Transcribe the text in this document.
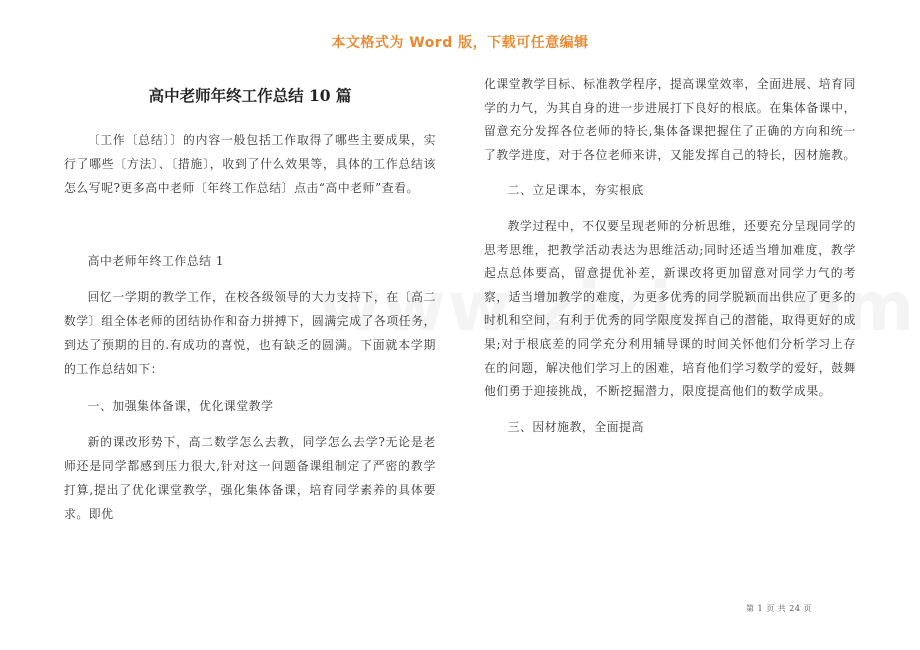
本文格式为 Word 版，下载可任意编辑
高中老师年终工作总结 10 篇

〔工作〔总结〕〕的内容一般包括工作取得了哪些主要成果，实行了哪些〔方法〕、〔措施〕，收到了什么效果等，具体的工作总结该怎么写呢?更多高中老师〔年终工作总结〕点击“高中老师”查看。

高中老师年终工作总结 1

回忆一学期的教学工作，在校各级领导的大力支持下，在〔高二数学〕组全体老师的团结协作和奋力拼搏下，圆满完成了各项任务，到达了预期的目的.有成功的喜悦，也有缺乏的圆满。下面就本学期的工作总结如下：

一、加强集体备课，优化课堂教学

新的课改形势下，高二数学怎么去教，同学怎么去学?无论是老师还是同学都感到压力很大,针对这一问题备课组制定了严密的教学打算,提出了优化课堂教学，强化集体备课，培育同学素养的具体要求。即优

化课堂教学目标、标准教学程序，提高课堂效率，全面进展、培育同学的力气，为其自身的进一步进展打下良好的根底。在集体备课中，留意充分发挥各位老师的特长,集体备课把握住了正确的方向和统一了教学进度，对于各位老师来讲，又能发挥自己的特长，因材施教。

二、立足课本，夯实根底

教学过程中，不仅要呈现老师的分析思维，还要充分呈现同学的思考思维，把教学活动表达为思维活动;同时还适当增加难度，教学起点总体要高，留意提优补差，新课改将更加留意对同学力气的考察，适当增加教学的难度，为更多优秀的同学脱颖而出供应了更多的时机和空间，有利于优秀的同学限度发挥自己的潜能，取得更好的成果;对于根底差的同学充分利用辅导课的时间关怀他们分析学习上存在的问题，解决他们学习上的困难，培育他们学习数学的爱好，鼓舞他们勇于迎接挑战，不断挖掘潜力，限度提高他们的数学成果。

三、因材施教，全面提高

第 1 页 共 24 页
